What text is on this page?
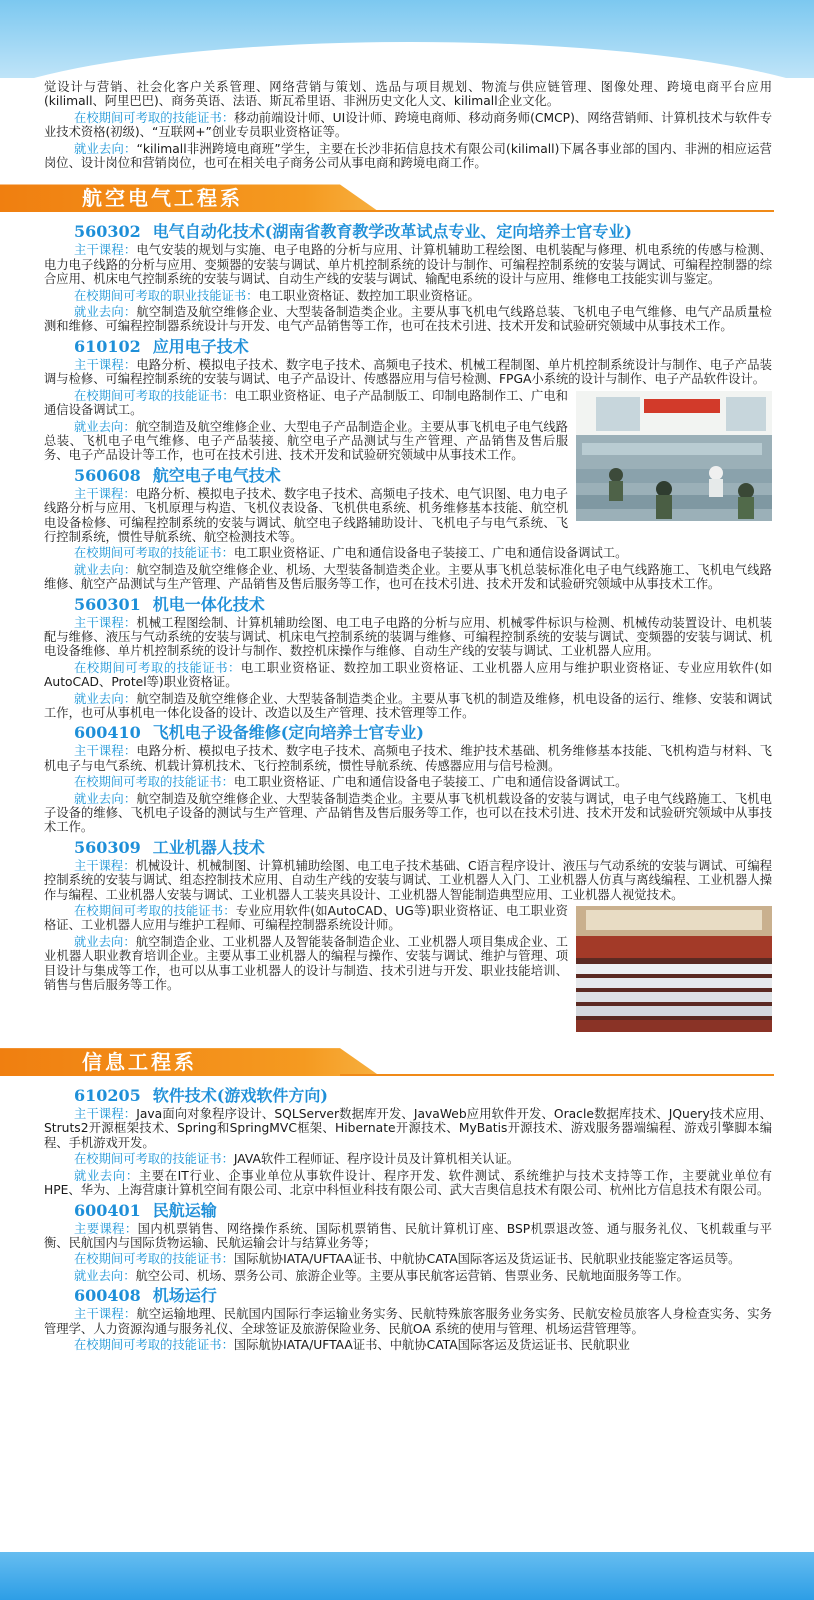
觉设计与营销、社会化客户关系管理、网络营销与策划、选品与项目规划、物流与供应链管理、图像处理、跨境电商平台应用(kilimall、阿里巴巴)、商务英语、法语、斯瓦希里语、非洲历史文化人文、kilimall企业文化。

在校期间可考取的技能证书：移动前端设计师、UI设计师、跨境电商师、移动商务师(CMCP)、网络营销师、计算机技术与软件专业技术资格(初级)、“互联网+”创业专员职业资格证等。

就业去向：“kilimall非洲跨境电商班”学生，主要在长沙非拓信息技术有限公司(kilimall)下属各事业部的国内、非洲的相应运营岗位、设计岗位和营销岗位，也可在相关电子商务公司从事电商和跨境电商工作。

航空电气工程系
560302 电气自动化技术(湖南省教育教学改革试点专业、定向培养士官专业)

主干课程：电气安装的规划与实施、电子电路的分析与应用、计算机辅助工程绘图、电机装配与修理、机电系统的传感与检测、电力电子线路的分析与应用、变频器的安装与调试、单片机控制系统的设计与制作、可编程控制系统的安装与调试、可编程控制器的综合应用、机床电气控制系统的安装与调试、自动生产线的安装与调试、输配电系统的设计与应用、维修电工技能实训与鉴定。

在校期间可考取的职业技能证书：电工职业资格证、数控加工职业资格证。

就业去向：航空制造及航空维修企业、大型装备制造类企业。主要从事飞机电气线路总装、飞机电子电气维修、电气产品质量检测和维修、可编程控制器系统设计与开发、电气产品销售等工作，也可在技术引进、技术开发和试验研究领域中从事技术工作。

610102 应用电子技术

主干课程：电路分析、模拟电子技术、数字电子技术、高频电子技术、机械工程制图、单片机控制系统设计与制作、电子产品装调与检修、可编程控制系统的安装与调试、电子产品设计、传感器应用与信号检测、FPGA小系统的设计与制作、电子产品软件设计。

在校期间可考取的技能证书：电工职业资格证、电子产品制版工、印制电路制作工、广电和通信设备调试工。

就业去向：航空制造及航空维修企业、大型电子产品制造企业。主要从事飞机电子电气线路总装、飞机电子电气维修、电子产品装接、航空电子产品测试与生产管理、产品销售及售后服务、电子产品设计等工作，也可在技术引进、技术开发和试验研究领域中从事技术工作。

560608 航空电子电气技术

主干课程：电路分析、模拟电子技术、数字电子技术、高频电子技术、电气识图、电力电子线路分析与应用、飞机原理与构造、飞机仪表设备、飞机供电系统、机务维修基本技能、航空机电设备检修、可编程控制系统的安装与调试、航空电子线路辅助设计、飞机电子与电气系统、飞行控制系统，惯性导航系统、航空检测技术等。

在校期间可考取的技能证书：电工职业资格证、广电和通信设备电子装接工、广电和通信设备调试工。

就业去向：航空制造及航空维修企业、机场、大型装备制造类企业。主要从事飞机总装标准化电子电气线路施工、飞机电气线路维修、航空产品测试与生产管理、产品销售及售后服务等工作，也可在技术引进、技术开发和试验研究领域中从事技术工作。

560301 机电一体化技术

主干课程：机械工程图绘制、计算机辅助绘图、电工电子电路的分析与应用、机械零件标识与检测、机械传动装置设计、电机装配与维修、液压与气动系统的安装与调试、机床电气控制系统的装调与维修、可编程控制系统的安装与调试、变频器的安装与调试、机电设备维修、单片机控制系统的设计与制作、数控机床操作与维修、自动生产线的安装与调试、工业机器人应用。

在校期间可考取的技能证书：电工职业资格证、数控加工职业资格证、工业机器人应用与维护职业资格证、专业应用软件(如AutoCAD、Protel等)职业资格证。

就业去向：航空制造及航空维修企业、大型装备制造类企业。主要从事飞机的制造及维修，机电设备的运行、维修、安装和调试工作，也可从事机电一体化设备的设计、改造以及生产管理、技术管理等工作。

600410 飞机电子设备维修(定向培养士官专业)

主干课程：电路分析、模拟电子技术、数字电子技术、高频电子技术、维护技术基础、机务维修基本技能、飞机构造与材料、飞机电子与电气系统、机载计算机技术、飞行控制系统，惯性导航系统、传感器应用与信号检测。

在校期间可考取的技能证书：电工职业资格证、广电和通信设备电子装接工、广电和通信设备调试工。

就业去向：航空制造及航空维修企业、大型装备制造类企业。主要从事飞机机载设备的安装与调试，电子电气线路施工、飞机电子设备的维修、飞机电子设备的测试与生产管理、产品销售及售后服务等工作，也可以在技术引进、技术开发和试验研究领域中从事技术工作。

560309 工业机器人技术

主干课程：机械设计、机械制图、计算机辅助绘图、电工电子技术基础、C语言程序设计、液压与气动系统的安装与调试、可编程控制系统的安装与调试、组态控制技术应用、自动生产线的安装与调试、工业机器人入门、工业机器人仿真与离线编程、工业机器人操作与编程、工业机器人安装与调试、工业机器人工装夹具设计、工业机器人智能制造典型应用、工业机器人视觉技术。

在校期间可考取的技能证书：专业应用软件(如AutoCAD、UG等)职业资格证、电工职业资格证、工业机器人应用与维护工程师、可编程控制器系统设计师。

就业去向：航空制造企业、工业机器人及智能装备制造企业、工业机器人项目集成企业、工业机器人职业教育培训企业。主要从事工业机器人的编程与操作、安装与调试、维护与管理、项目设计与集成等工作，也可以从事工业机器人的设计与制造、技术引进与开发、职业技能培训、销售与售后服务等工作。

信息工程系
610205 软件技术(游戏软件方向)

主干课程：Java面向对象程序设计、SQLServer数据库开发、JavaWeb应用软件开发、Oracle数据库技术、JQuery技术应用、Struts2开源框架技术、Spring和SpringMVC框架、Hibernate开源技术、MyBatis开源技术、游戏服务器端编程、游戏引擎脚本编程、手机游戏开发。

在校期间可考取的技能证书：JAVA软件工程师证、程序设计员及计算机相关认证。

就业去向：主要在IT行业、企事业单位从事软件设计、程序开发、软件测试、系统维护与技术支持等工作，主要就业单位有HPE、华为、上海营康计算机空间有限公司、北京中科恒业科技有限公司、武大吉奥信息技术有限公司、杭州比方信息技术有限公司。

600401 民航运输

主要课程：国内机票销售、网络操作系统、国际机票销售、民航计算机订座、BSP机票退改签、通与服务礼仪、飞机载重与平衡、民航国内与国际货物运输、民航运输会计与结算业务等；

在校期间可考取的技能证书：国际航协IATA/UFTAA证书、中航协CATA国际客运及货运证书、民航职业技能鉴定客运员等。

就业去向：航空公司、机场、票务公司、旅游企业等。主要从事民航客运营销、售票业务、民航地面服务等工作。

600408 机场运行

主干课程：航空运输地理、民航国内国际行李运输业务实务、民航特殊旅客服务业务实务、民航安检员旅客人身检查实务、实务管理学、人力资源沟通与服务礼仪、全球签证及旅游保险业务、民航OA 系统的使用与管理、机场运营管理等。

在校期间可考取的技能证书：国际航协IATA/UFTAA证书、中航协CATA国际客运及货运证书、民航职业
